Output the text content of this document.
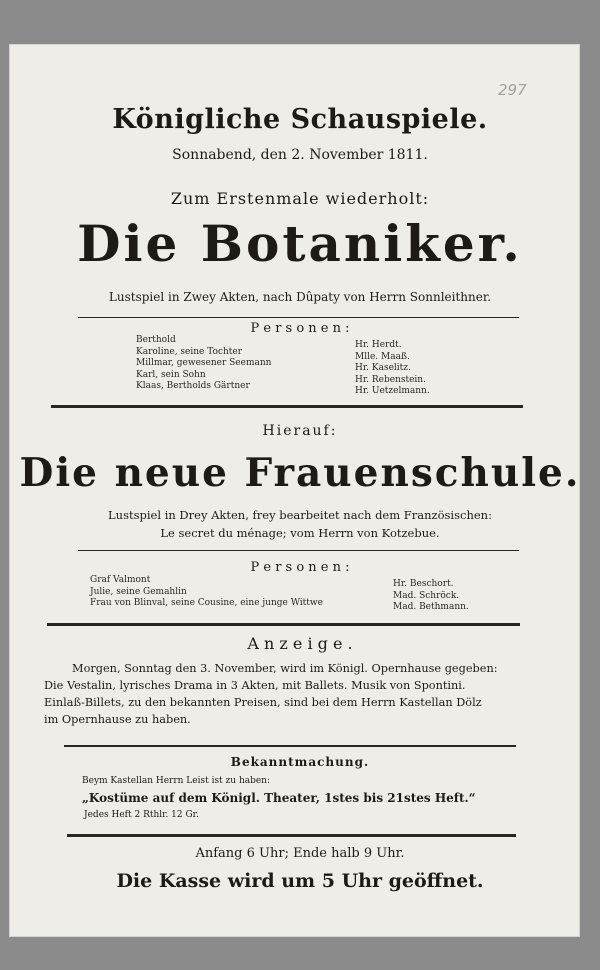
297
Königliche Schauspiele.
Sonnabend, den 2. November 1811.
Zum Erstenmale wiederholt:
Die Botaniker.
Lustspiel in Zwey Akten, nach Dûpaty von Herrn Sonnleithner.
P e r s o n e n :
Berthold
Karoline, seine Tochter
Millmar, gewesener Seemann
Karl, sein Sohn
Klaas, Bertholds Gärtner
Hr. Herdt.
Mlle. Maaß.
Hr. Kaselitz.
Hr. Rebenstein.
Hr. Uetzelmann.
Hierauf:
Die neue Frauenschule.
Lustspiel in Drey Akten, frey bearbeitet nach dem Französischen:
Le secret du ménage; vom Herrn von Kotzebue.
P e r s o n e n :
Graf Valmont
Julie, seine Gemahlin
Frau von Blinval, seine Cousine, eine junge Wittwe
Hr. Beschort.
Mad. Schröck.
Mad. Bethmann.
A n z e i g e .
Morgen, Sonntag den 3. November, wird im Königl. Opernhause gegeben:
Die Vestalin, lyrisches Drama in 3 Akten, mit Ballets. Musik von Spontini.
Einlaß-Billets, zu den bekannten Preisen, sind bei dem Herrn Kastellan Dölz
im Opernhause zu haben.
Bekanntmachung.
Beym Kastellan Herrn Leist ist zu haben:
„Kostüme auf dem Königl. Theater, 1stes bis 21stes Heft.“
Jedes Heft 2 Rthlr. 12 Gr.
Anfang 6 Uhr; Ende halb 9 Uhr.
Die Kasse wird um 5 Uhr geöffnet.
